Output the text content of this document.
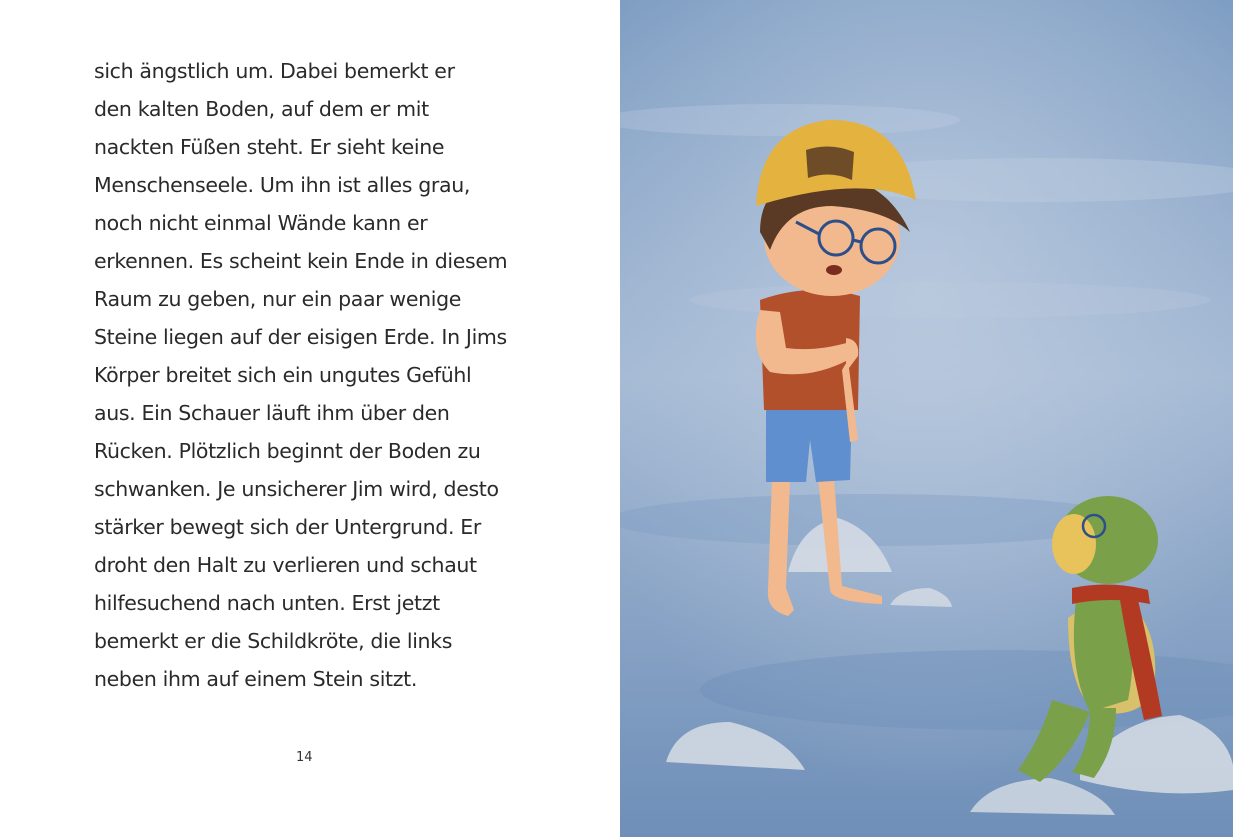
sich ängstlich um. Dabei bemerkt er
den kalten Boden, auf dem er mit
nackten Füßen steht. Er sieht keine
Menschenseele. Um ihn ist alles grau,
noch nicht einmal Wände kann er
erkennen. Es scheint kein Ende in diesem
Raum zu geben, nur ein paar wenige
Steine liegen auf der eisigen Erde. In Jims
Körper breitet sich ein ungutes Gefühl
aus. Ein Schauer läuft ihm über den
Rücken. Plötzlich beginnt der Boden zu
schwanken. Je unsicherer Jim wird, desto
stärker bewegt sich der Untergrund. Er
droht den Halt zu verlieren und schaut
hilfesuchend nach unten. Erst jetzt
bemerkt er die Schildkröte, die links
neben ihm auf einem Stein sitzt.
14
